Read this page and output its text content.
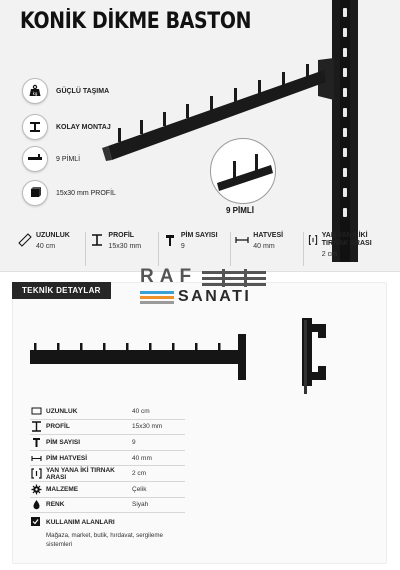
KONİK DİKME BASTON
kg	GÜÇLÜ TAŞIMA
KOLAY MONTAJ
9 PİMLİ
15x30 mm PROFİL
9 PİMLİ
UZUNLUK
40 cm
PROFİL
15x30 mm
PİM SAYISI
9
HATVESİ
40 mm
YAN YANA İKİ TIRNAK ARASI
2 cm
RAF
SANATI
TEKNİK DETAYLAR
UZUNLUK	40 cm
PROFİL	15x30 mm
PİM SAYISI	9
PİM HATVESİ	40 mm
YAN YANA İKİ TIRNAK ARASI	2 cm
MALZEME	Çelik
RENK	Siyah
KULLANIM ALANLARI
Mağaza, market, butik, hırdavat, sergileme sistemleri
